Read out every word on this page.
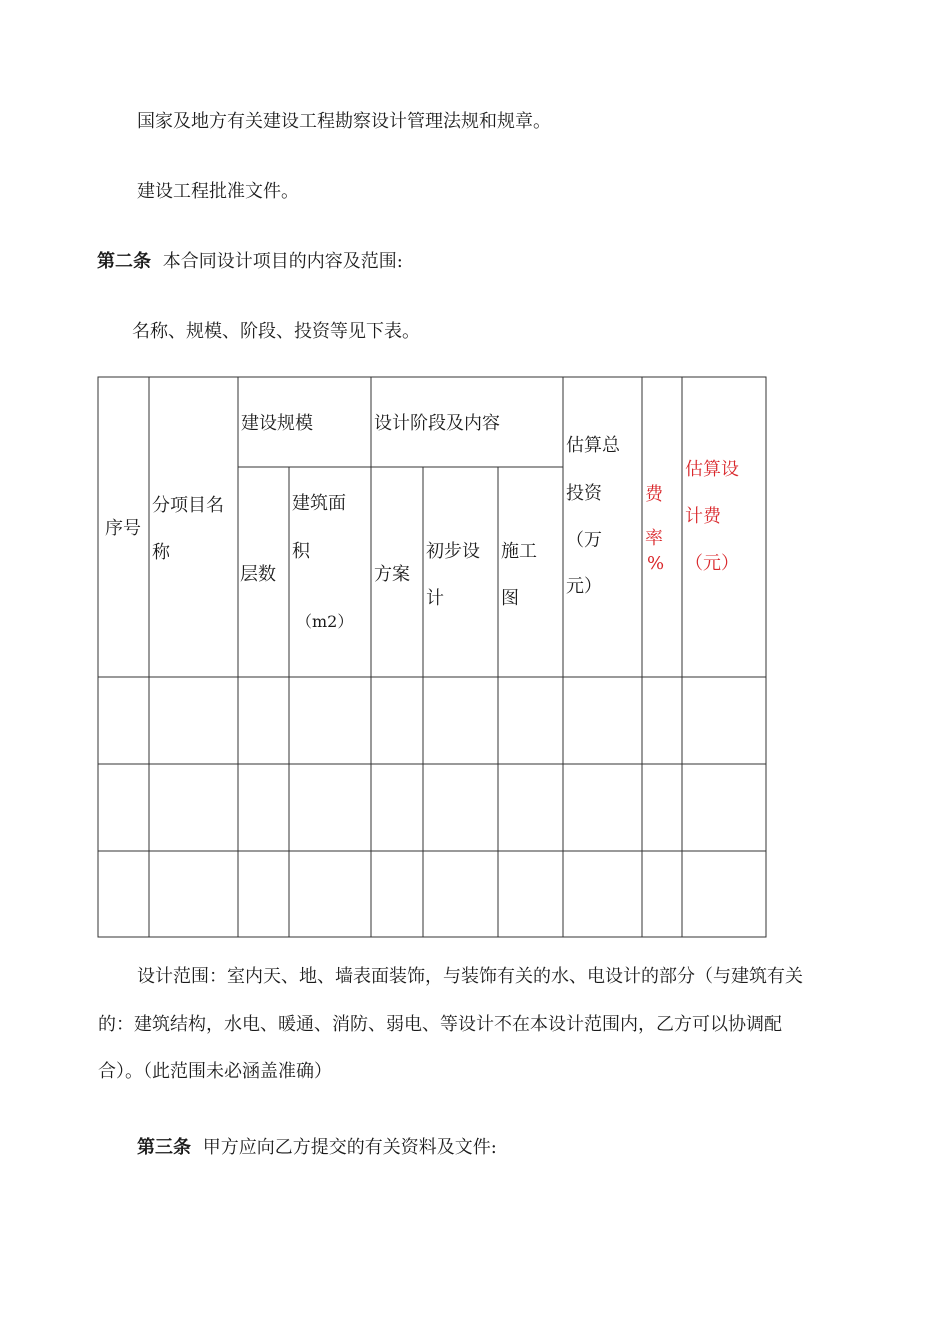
国家及地方有关建设工程勘察设计管理法规和规章。
建设工程批准文件。
第二条 本合同设计项目的内容及范围:
名称、规模、阶段、投资等见下表。
序号
分项目名
称
建设规模	设计阶段及内容
估算总
投资
（万
元）
费
率
%
估算设
计费
（元）
层数
建筑面
积
（m2）
方案
初步设
计
施工
图
设计范围：室内天、地、墙表面装饰，与装饰有关的水、电设计的部分（与建筑有关
的：建筑结构，水电、暖通、消防、弱电、等设计不在本设计范围内，乙方可以协调配
合）。（此范围未必涵盖准确）
第三条 甲方应向乙方提交的有关资料及文件:
